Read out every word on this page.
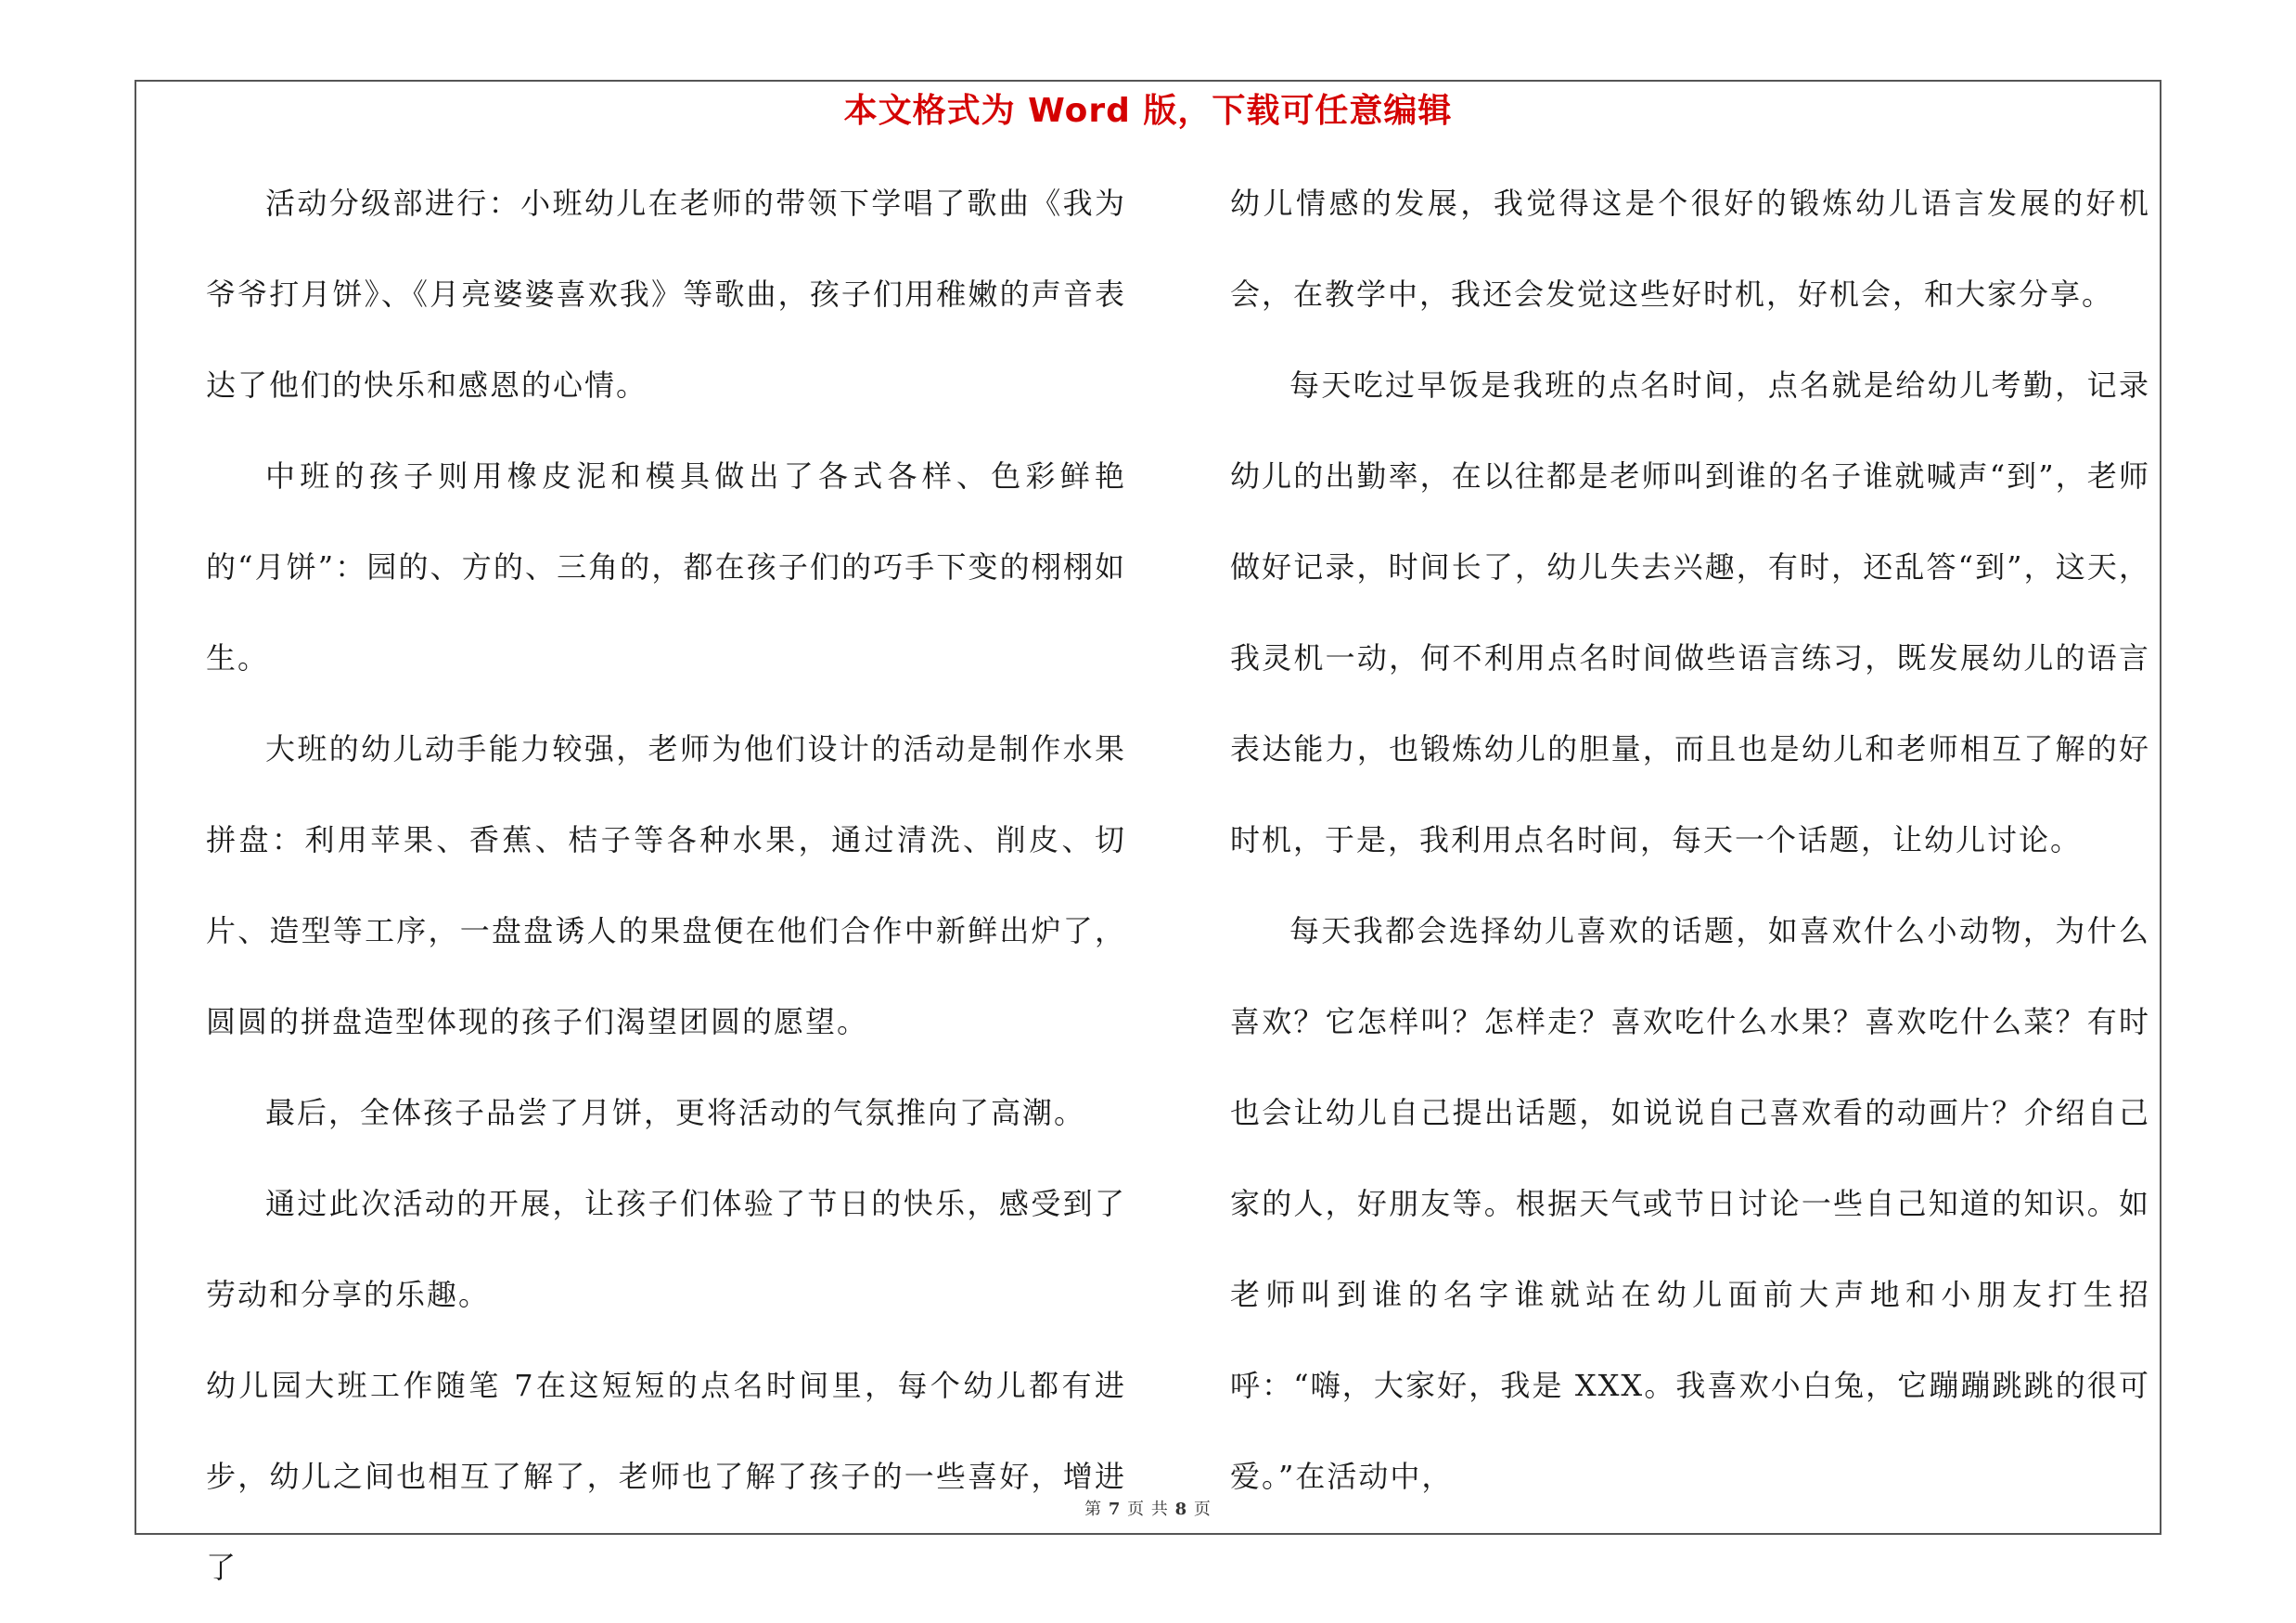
本文格式为 Word 版，下载可任意编辑

活动分级部进行：小班幼儿在老师的带领下学唱了歌曲《我为爷爷打月饼》、《月亮婆婆喜欢我》等歌曲，孩子们用稚嫩的声音表达了他们的快乐和感恩的心情。

中班的孩子则用橡皮泥和模具做出了各式各样、色彩鲜艳的“月饼”：园的、方的、三角的，都在孩子们的巧手下变的栩栩如生。

大班的幼儿动手能力较强，老师为他们设计的活动是制作水果拼盘：利用苹果、香蕉、桔子等各种水果，通过清洗、削皮、切片、造型等工序，一盘盘诱人的果盘便在他们合作中新鲜出炉了，圆圆的拼盘造型体现的孩子们渴望团圆的愿望。

最后，全体孩子品尝了月饼，更将活动的气氛推向了高潮。

通过此次活动的开展，让孩子们体验了节日的快乐，感受到了劳动和分享的乐趣。

幼儿园大班工作随笔 7在这短短的点名时间里，每个幼儿都有进步，幼儿之间也相互了解了，老师也了解了孩子的一些喜好，增进了

幼儿情感的发展，我觉得这是个很好的锻炼幼儿语言发展的好机会，在教学中，我还会发觉这些好时机，好机会，和大家分享。

每天吃过早饭是我班的点名时间，点名就是给幼儿考勤，记录幼儿的出勤率，在以往都是老师叫到谁的名子谁就喊声“到”，老师做好记录，时间长了，幼儿失去兴趣，有时，还乱答“到”，这天，我灵机一动，何不利用点名时间做些语言练习，既发展幼儿的语言表达能力，也锻炼幼儿的胆量，而且也是幼儿和老师相互了解的好时机，于是，我利用点名时间，每天一个话题，让幼儿讨论。

每天我都会选择幼儿喜欢的话题，如喜欢什么小动物，为什么喜欢？它怎样叫？怎样走？喜欢吃什么水果？喜欢吃什么菜？有时也会让幼儿自己提出话题，如说说自己喜欢看的动画片？介绍自己家的人，好朋友等。根据天气或节日讨论一些自己知道的知识。如老师叫到谁的名字谁就站在幼儿面前大声地和小朋友打生招呼：“嗨，大家好，我是 XXX。我喜欢小白兔，它蹦蹦跳跳的很可爱。”在活动中，

第 7 页 共 8 页
